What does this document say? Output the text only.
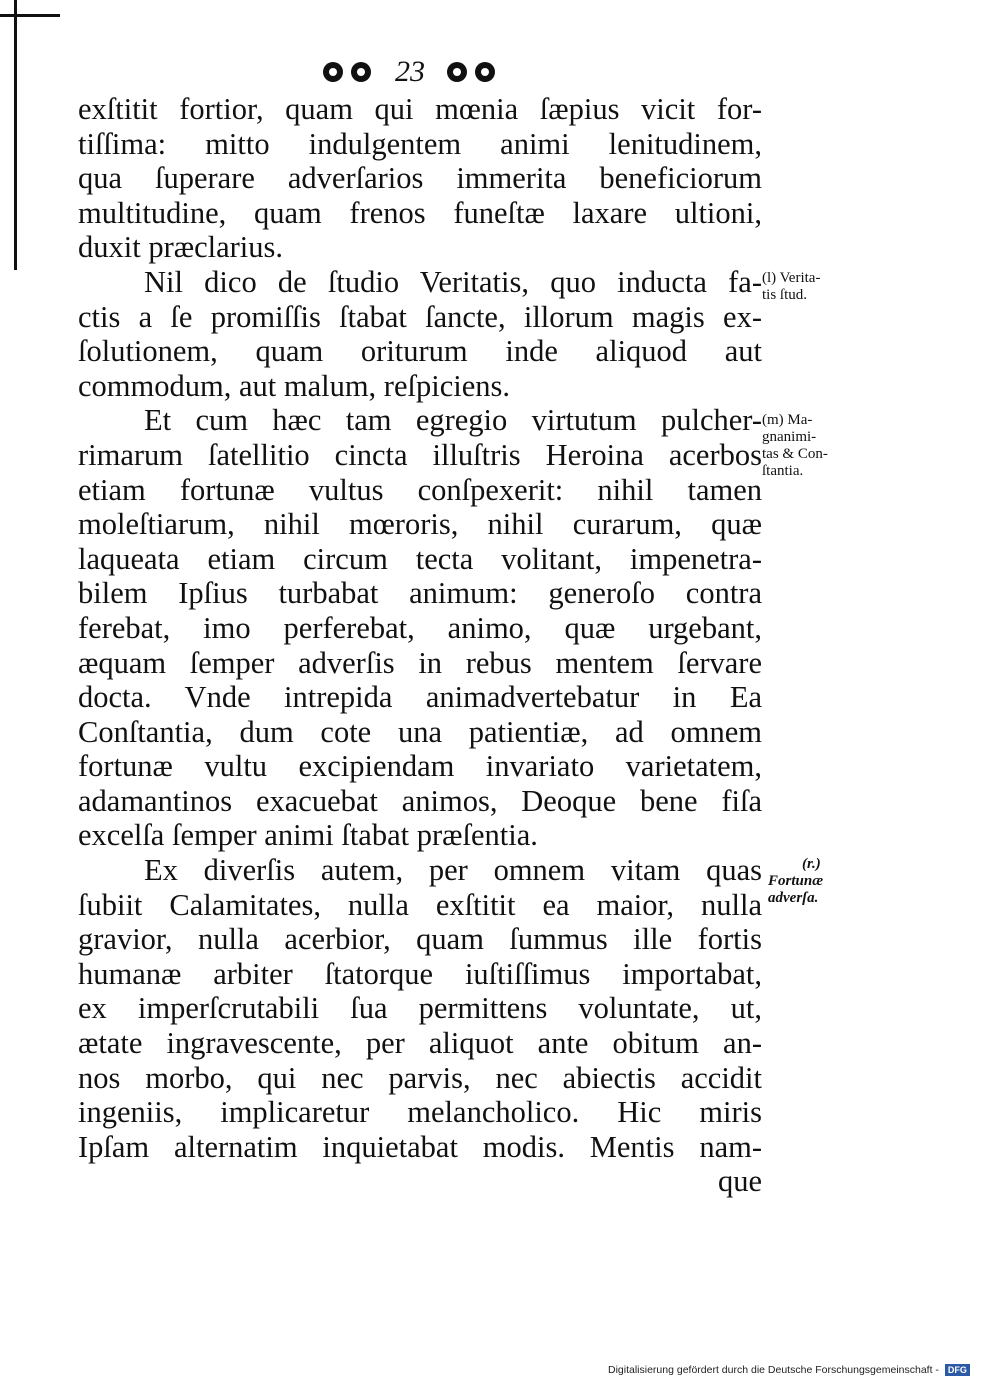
23
exſtitit fortior, quam qui mœnia ſæpius vicit for-
tiſſima: mitto indulgentem animi lenitudinem,
qua ſuperare adverſarios immerita beneficiorum
multitudine, quam frenos funeſtæ laxare ultioni,
duxit præclarius.
Nil dico de ſtudio Veritatis, quo inducta fa-
ctis a ſe promiſſis ſtabat ſancte, illorum magis ex-
ſolutionem, quam oriturum inde aliquod aut
commodum, aut malum, reſpiciens.
Et cum hæc tam egregio virtutum pulcher-
rimarum ſatellitio cincta illuſtris Heroina acerbos
etiam fortunæ vultus conſpexerit: nihil tamen
moleſtiarum, nihil mœroris, nihil curarum, quæ
laqueata etiam circum tecta volitant, impenetra-
bilem Ipſius turbabat animum: generoſo contra
ferebat, imo perferebat, animo, quæ urgebant,
æquam ſemper adverſis in rebus mentem ſervare
docta. Vnde intrepida animadvertebatur in Ea
Conſtantia, dum cote una patientiæ, ad omnem
fortunæ vultu excipiendam invariato varietatem,
adamantinos exacuebat animos, Deoque bene fiſa
excelſa ſemper animi ſtabat præſentia.
Ex diverſis autem, per omnem vitam quas
ſubiit Calamitates, nulla exſtitit ea maior, nulla
gravior, nulla acerbior, quam ſummus ille fortis
humanæ arbiter ſtatorque iuſtiſſimus importabat,
ex imperſcrutabili ſua permittens voluntate, ut,
ætate ingravescente, per aliquot ante obitum an-
nos morbo, qui nec parvis, nec abiectis accidit
ingeniis, implicaretur melancholico. Hic miris
Ipſam alternatim inquietabat modis. Mentis nam-
que
(l) Verita-
tis ſtud.
(m) Ma-
gnanimi-
tas & Con-
ſtantia.
(r.)
Fortunæ
adverſa.
Digitalisierung gefördert durch die Deutsche Forschungsgemeinschaft - DFG
